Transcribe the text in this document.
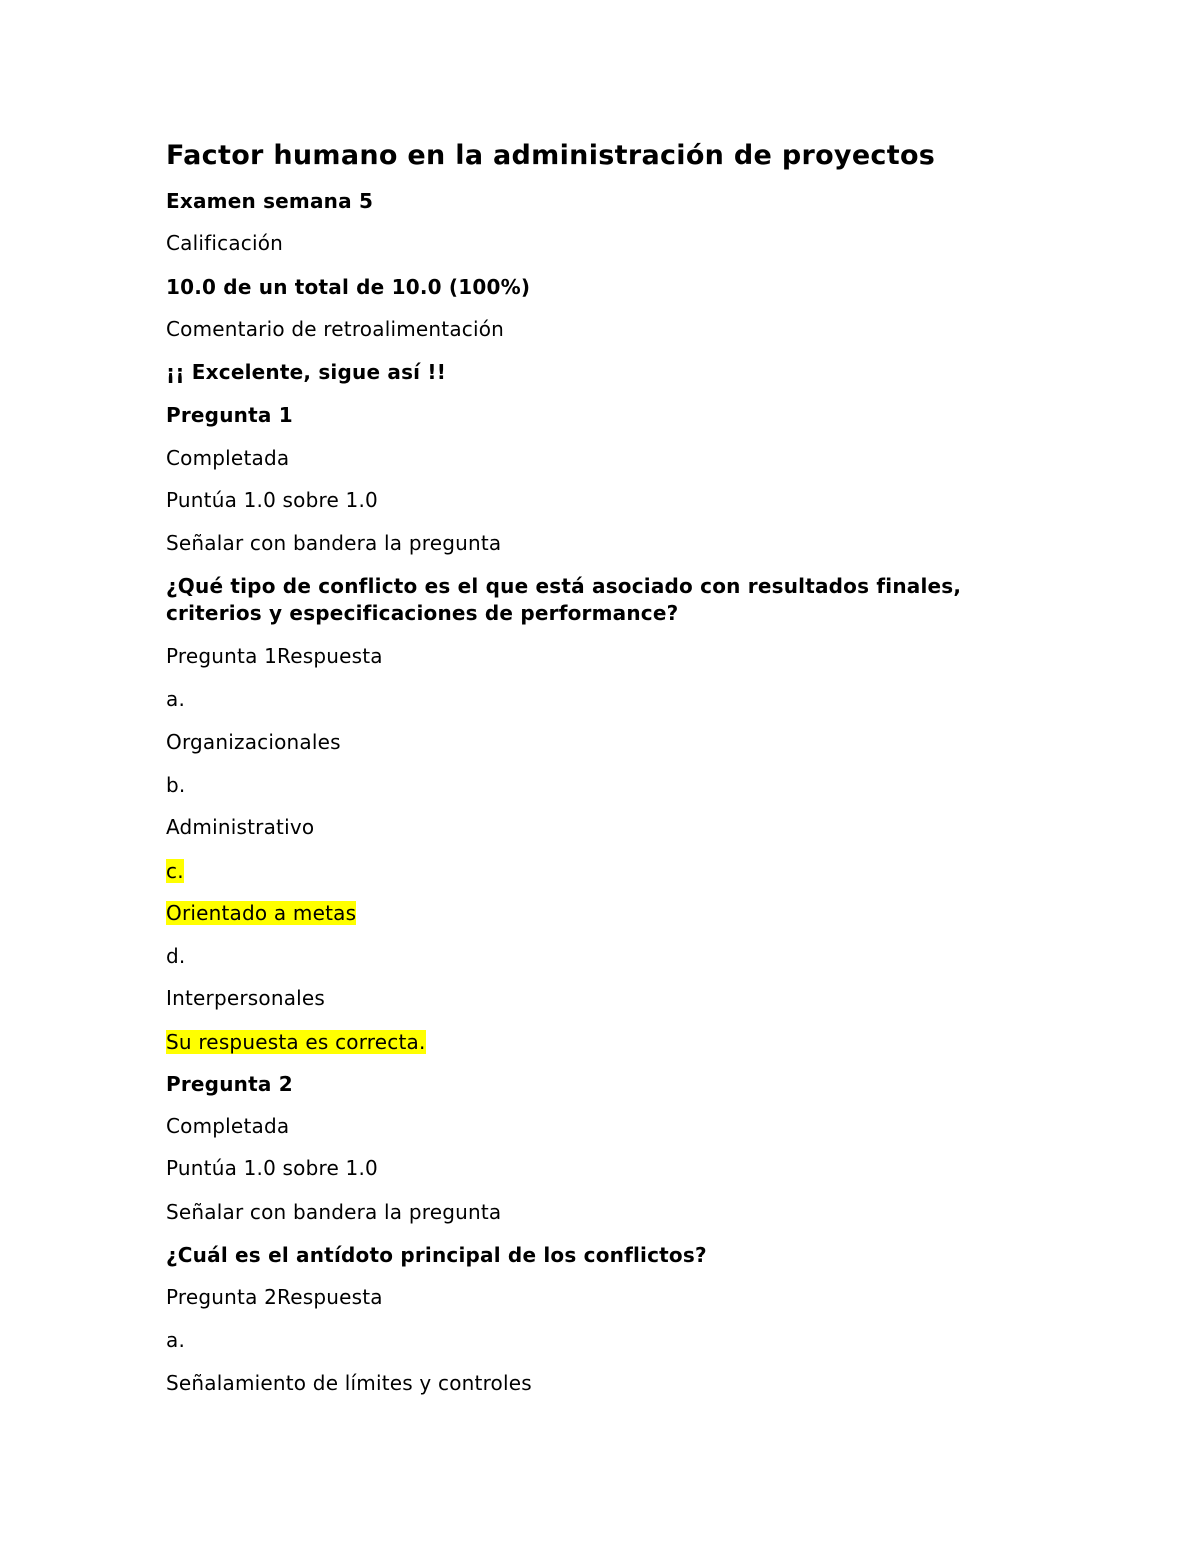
Factor humano en la administración de proyectos
Examen semana 5
Calificación
10.0 de un total de 10.0 (100%)
Comentario de retroalimentación
¡¡ Excelente, sigue así !!
Pregunta 1
Completada
Puntúa 1.0 sobre 1.0
Señalar con bandera la pregunta
¿Qué tipo de conflicto es el que está asociado con resultados finales, criterios y especificaciones de performance?
Pregunta 1Respuesta
a.
Organizacionales
b.
Administrativo
c.
Orientado a metas
d.
Interpersonales
Su respuesta es correcta.
Pregunta 2
Completada
Puntúa 1.0 sobre 1.0
Señalar con bandera la pregunta
¿Cuál es el antídoto principal de los conflictos?
Pregunta 2Respuesta
a.
Señalamiento de límites y controles
